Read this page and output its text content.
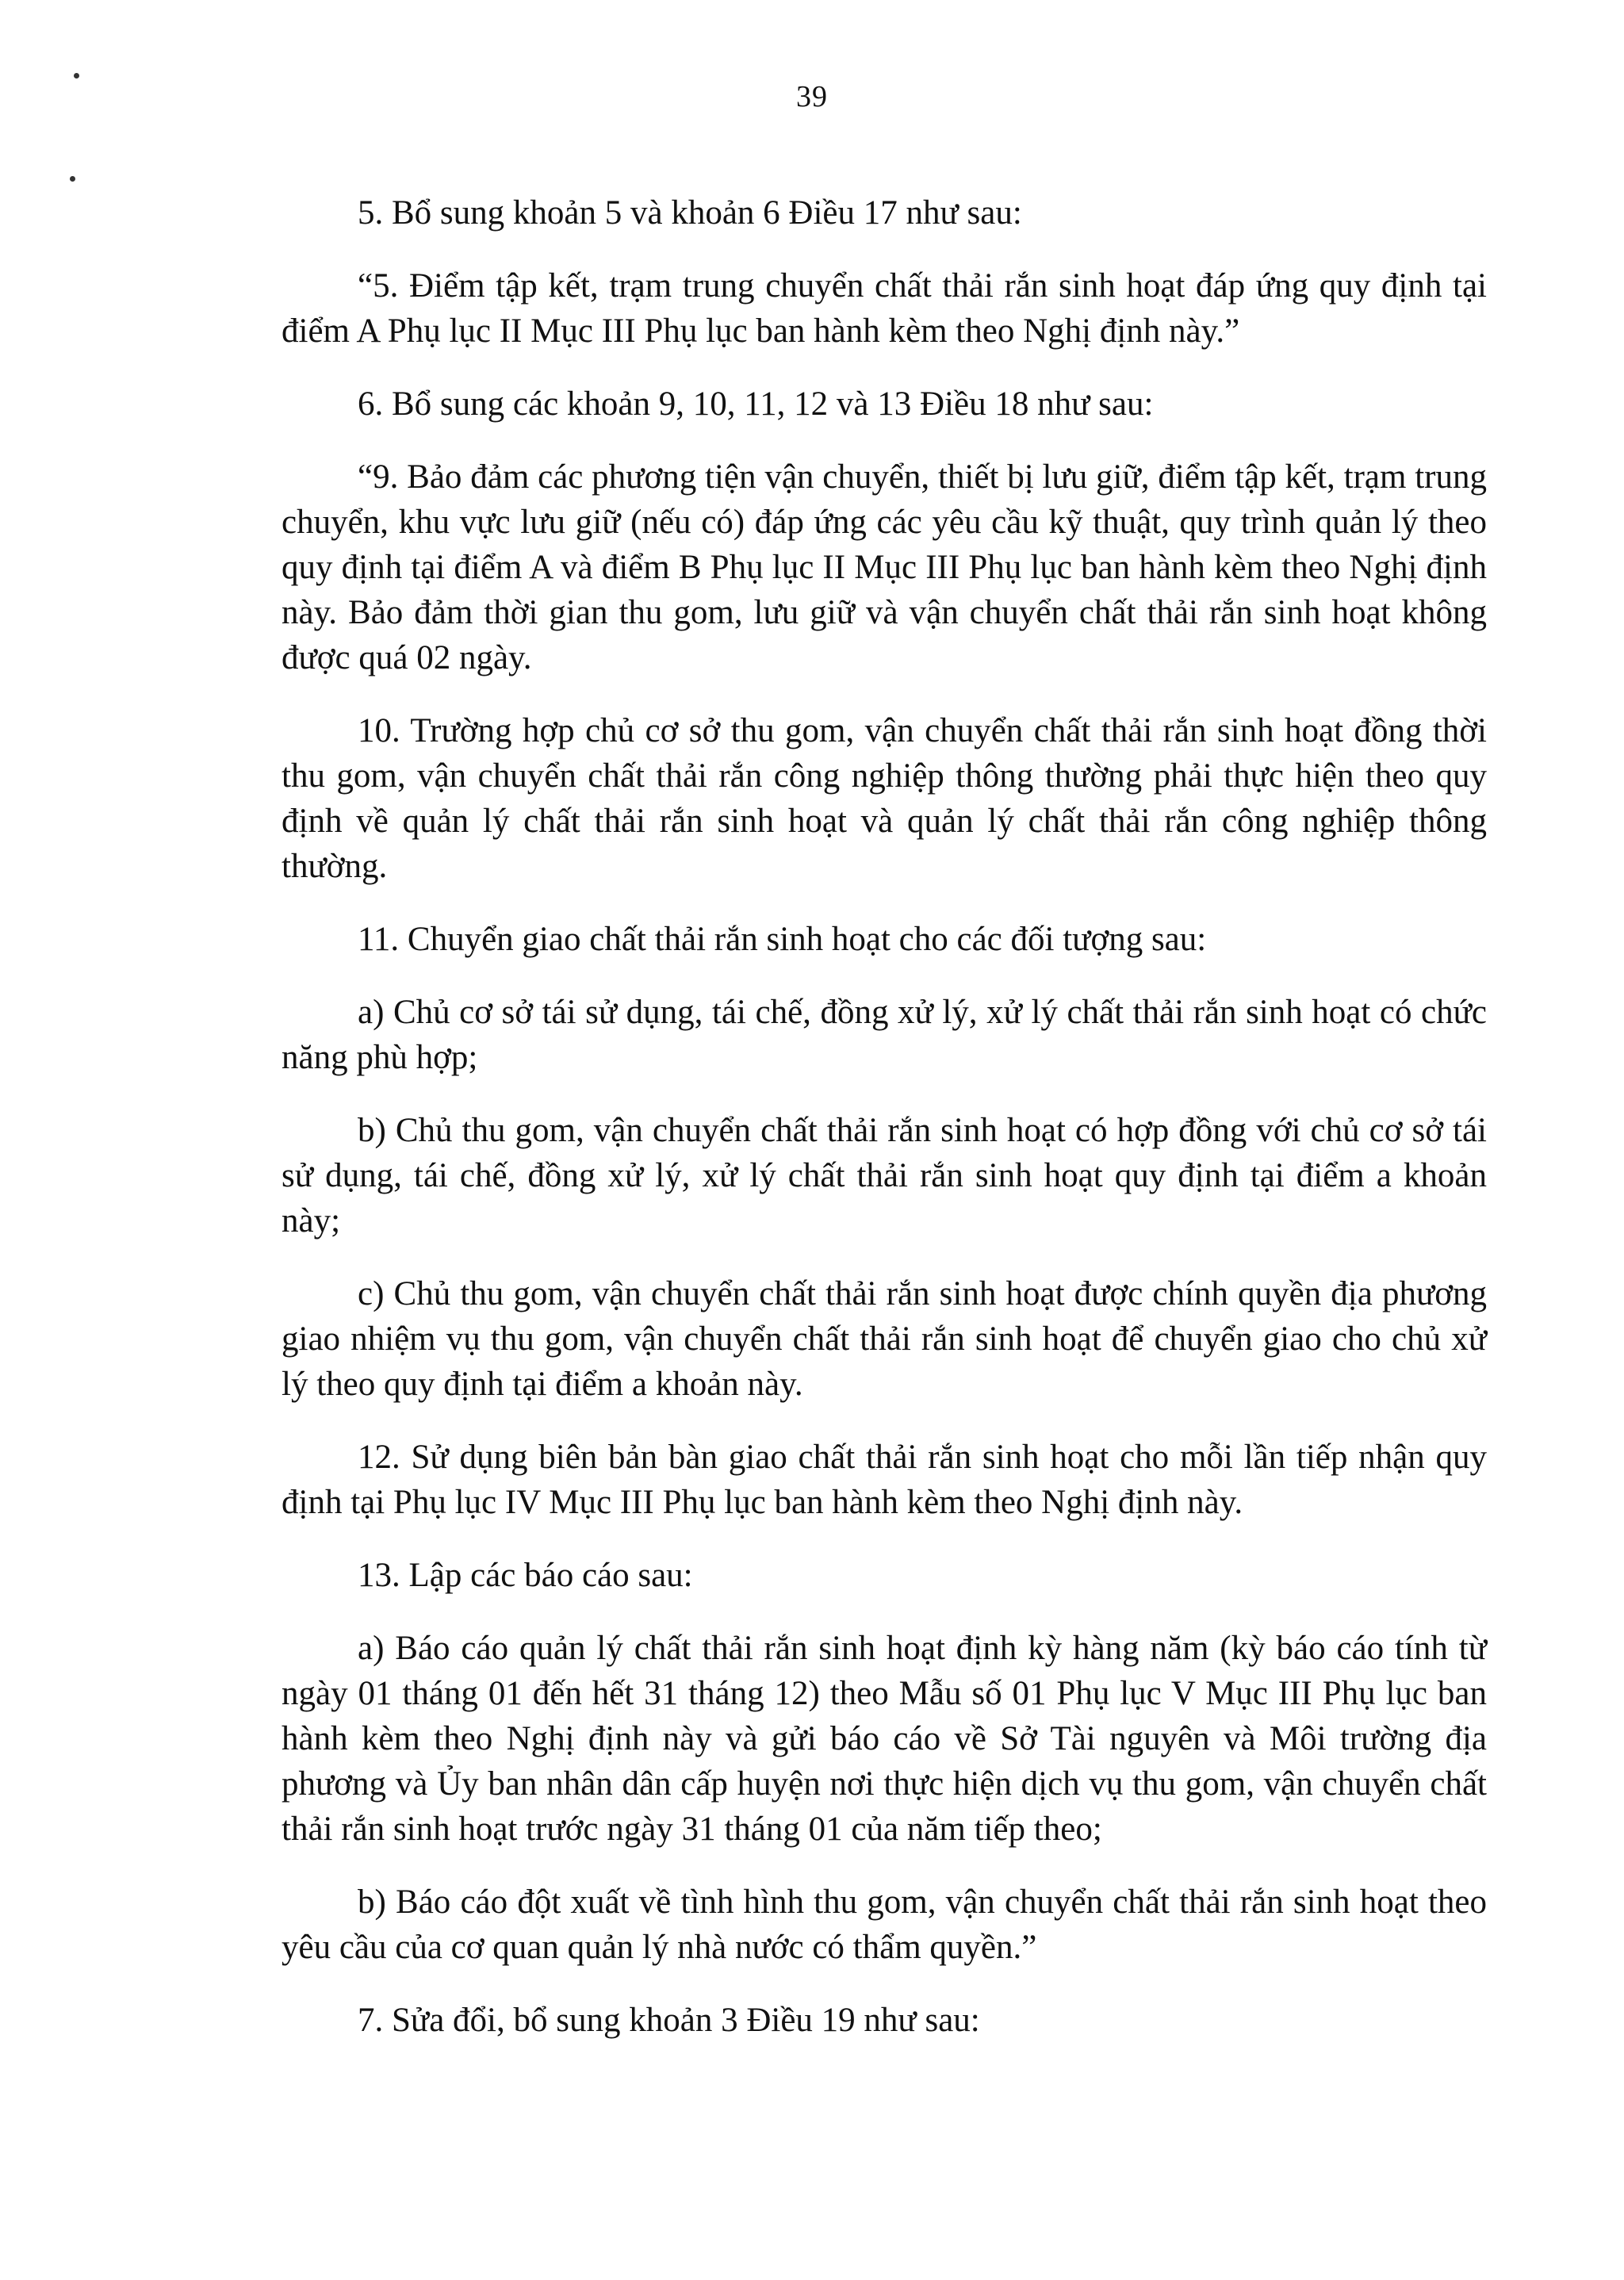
39

5. Bổ sung khoản 5 và khoản 6 Điều 17 như sau:

“5. Điểm tập kết, trạm trung chuyển chất thải rắn sinh hoạt đáp ứng quy định tại điểm A Phụ lục II Mục III Phụ lục ban hành kèm theo Nghị định này.”

6. Bổ sung các khoản 9, 10, 11, 12 và 13 Điều 18 như sau:

“9. Bảo đảm các phương tiện vận chuyển, thiết bị lưu giữ, điểm tập kết, trạm trung chuyển, khu vực lưu giữ (nếu có) đáp ứng các yêu cầu kỹ thuật, quy trình quản lý theo quy định tại điểm A và điểm B Phụ lục II Mục III Phụ lục ban hành kèm theo Nghị định này. Bảo đảm thời gian thu gom, lưu giữ và vận chuyển chất thải rắn sinh hoạt không được quá 02 ngày.

10. Trường hợp chủ cơ sở thu gom, vận chuyển chất thải rắn sinh hoạt đồng thời thu gom, vận chuyển chất thải rắn công nghiệp thông thường phải thực hiện theo quy định về quản lý chất thải rắn sinh hoạt và quản lý chất thải rắn công nghiệp thông thường.

11. Chuyển giao chất thải rắn sinh hoạt cho các đối tượng sau:

a) Chủ cơ sở tái sử dụng, tái chế, đồng xử lý, xử lý chất thải rắn sinh hoạt có chức năng phù hợp;

b) Chủ thu gom, vận chuyển chất thải rắn sinh hoạt có hợp đồng với chủ cơ sở tái sử dụng, tái chế, đồng xử lý, xử lý chất thải rắn sinh hoạt quy định tại điểm a khoản này;

c) Chủ thu gom, vận chuyển chất thải rắn sinh hoạt được chính quyền địa phương giao nhiệm vụ thu gom, vận chuyển chất thải rắn sinh hoạt để chuyển giao cho chủ xử lý theo quy định tại điểm a khoản này.

12. Sử dụng biên bản bàn giao chất thải rắn sinh hoạt cho mỗi lần tiếp nhận quy định tại Phụ lục IV Mục III Phụ lục ban hành kèm theo Nghị định này.

13. Lập các báo cáo sau:

a) Báo cáo quản lý chất thải rắn sinh hoạt định kỳ hàng năm (kỳ báo cáo tính từ ngày 01 tháng 01 đến hết 31 tháng 12) theo Mẫu số 01 Phụ lục V Mục III Phụ lục ban hành kèm theo Nghị định này và gửi báo cáo về Sở Tài nguyên và Môi trường địa phương và Ủy ban nhân dân cấp huyện nơi thực hiện dịch vụ thu gom, vận chuyển chất thải rắn sinh hoạt trước ngày 31 tháng 01 của năm tiếp theo;

b) Báo cáo đột xuất về tình hình thu gom, vận chuyển chất thải rắn sinh hoạt theo yêu cầu của cơ quan quản lý nhà nước có thẩm quyền.”

7. Sửa đổi, bổ sung khoản 3 Điều 19 như sau:
